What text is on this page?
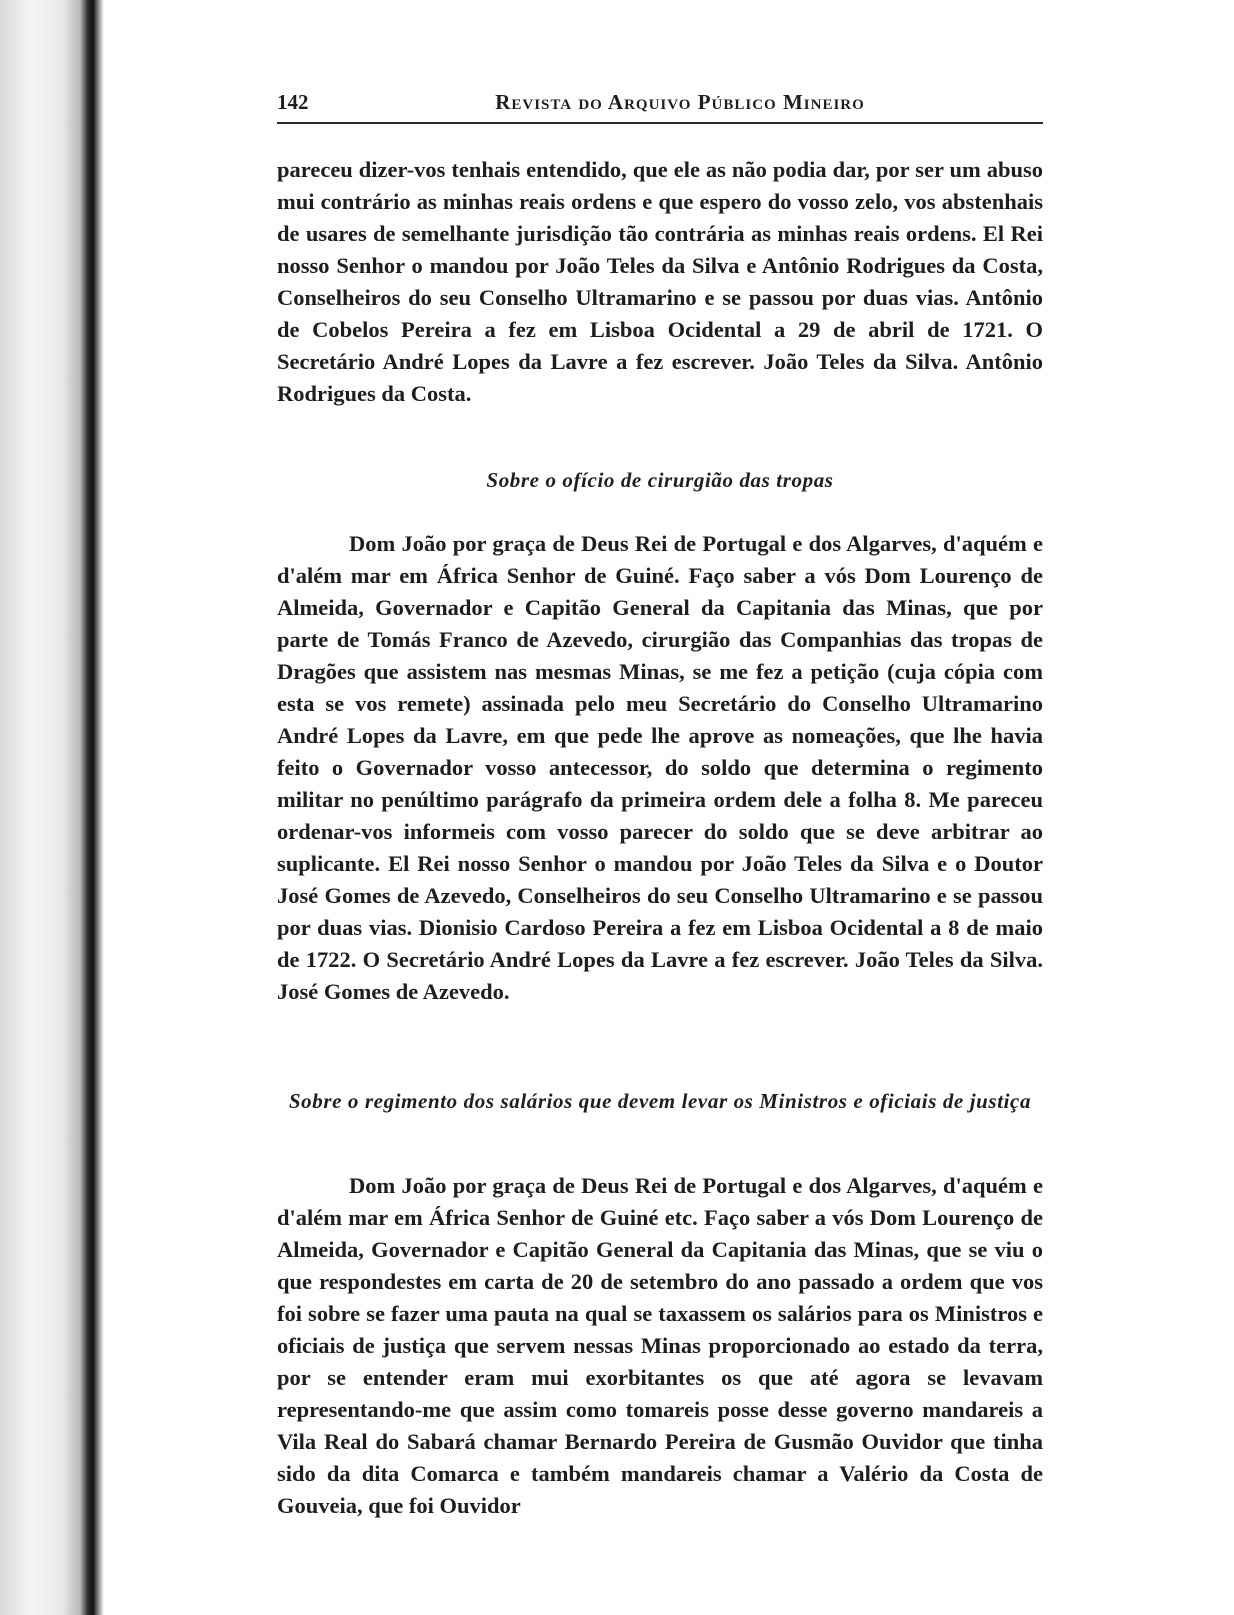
142	Revista do Arquivo Público Mineiro

pareceu dizer-vos tenhais entendido, que ele as não podia dar, por ser um abuso mui contrário as minhas reais ordens e que espero do vosso zelo, vos abstenhais de usares de semelhante jurisdição tão contrária as minhas reais ordens. El Rei nosso Senhor o mandou por João Teles da Silva e Antônio Rodrigues da Costa, Conselheiros do seu Conselho Ultramarino e se passou por duas vias. Antônio de Cobelos Pereira a fez em Lisboa Ocidental a 29 de abril de 1721. O Secretário André Lopes da Lavre a fez escrever. João Teles da Silva. Antônio Rodrigues da Costa.

Sobre o ofício de cirurgião das tropas

Dom João por graça de Deus Rei de Portugal e dos Algarves, d'aquém e d'além mar em África Senhor de Guiné. Faço saber a vós Dom Lourenço de Almeida, Governador e Capitão General da Capitania das Minas, que por parte de Tomás Franco de Azevedo, cirurgião das Companhias das tropas de Dragões que assistem nas mesmas Minas, se me fez a petição (cuja cópia com esta se vos remete) assinada pelo meu Secretário do Conselho Ultramarino André Lopes da Lavre, em que pede lhe aprove as nomeações, que lhe havia feito o Governador vosso antecessor, do soldo que determina o regimento militar no penúltimo parágrafo da primeira ordem dele a folha 8. Me pareceu ordenar-vos informeis com vosso parecer do soldo que se deve arbitrar ao suplicante. El Rei nosso Senhor o mandou por João Teles da Silva e o Doutor José Gomes de Azevedo, Conselheiros do seu Conselho Ultramarino e se passou por duas vias. Dionisio Cardoso Pereira a fez em Lisboa Ocidental a 8 de maio de 1722. O Secretário André Lopes da Lavre a fez escrever. João Teles da Silva. José Gomes de Azevedo.

Sobre o regimento dos salários que devem levar os Ministros e oficiais de justiça

Dom João por graça de Deus Rei de Portugal e dos Algarves, d'aquém e d'além mar em África Senhor de Guiné etc. Faço saber a vós Dom Lourenço de Almeida, Governador e Capitão General da Capitania das Minas, que se viu o que respondestes em carta de 20 de setembro do ano passado a ordem que vos foi sobre se fazer uma pauta na qual se taxassem os salários para os Ministros e oficiais de justiça que servem nessas Minas proporcionado ao estado da terra, por se entender eram mui exorbitantes os que até agora se levavam representando-me que assim como tomareis posse desse governo mandareis a Vila Real do Sabará chamar Bernardo Pereira de Gusmão Ouvidor que tinha sido da dita Comarca e também mandareis chamar a Valério da Costa de Gouveia, que foi Ouvidor
